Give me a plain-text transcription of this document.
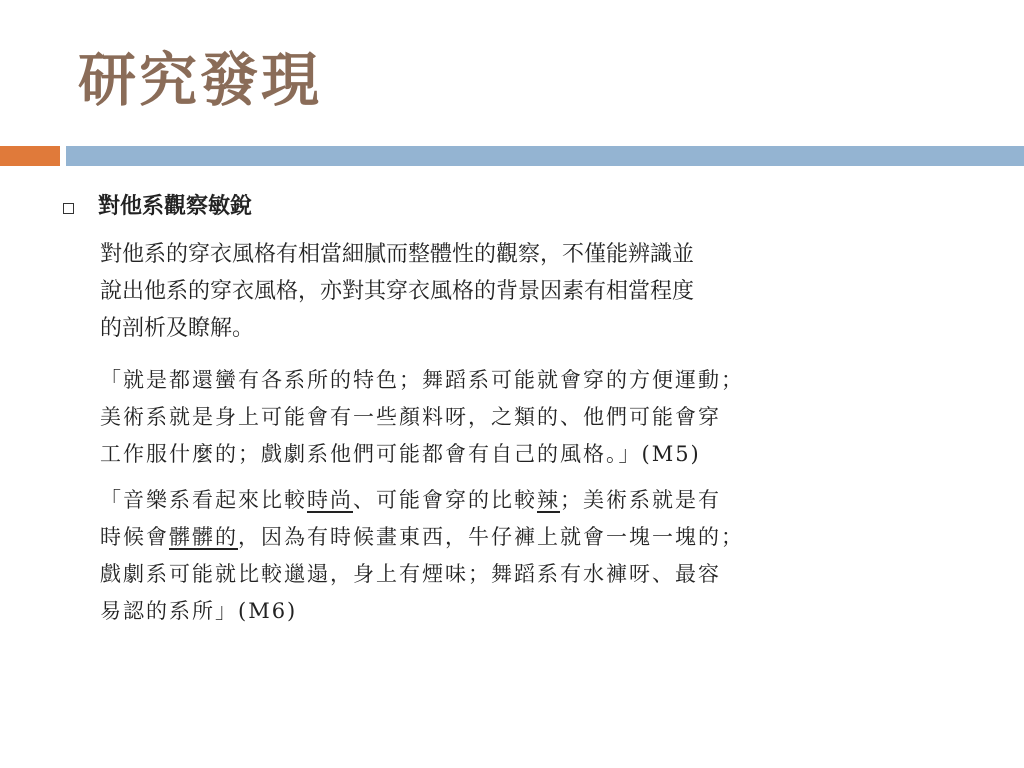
研究發現
對他系觀察敏銳
對他系的穿衣風格有相當細膩而整體性的觀察，不僅能辨識並
說出他系的穿衣風格，亦對其穿衣風格的背景因素有相當程度
的剖析及瞭解。
「就是都還蠻有各系所的特色；舞蹈系可能就會穿的方便運動；
美術系就是身上可能會有一些顏料呀，之類的、他們可能會穿
工作服什麼的；戲劇系他們可能都會有自己的風格。」(M5)
「音樂系看起來比較時尚、可能會穿的比較辣；美術系就是有
時候會髒髒的，因為有時候畫東西，牛仔褲上就會一塊一塊的；
戲劇系可能就比較邋遢，身上有煙味；舞蹈系有水褲呀、最容
易認的系所」(M6)
